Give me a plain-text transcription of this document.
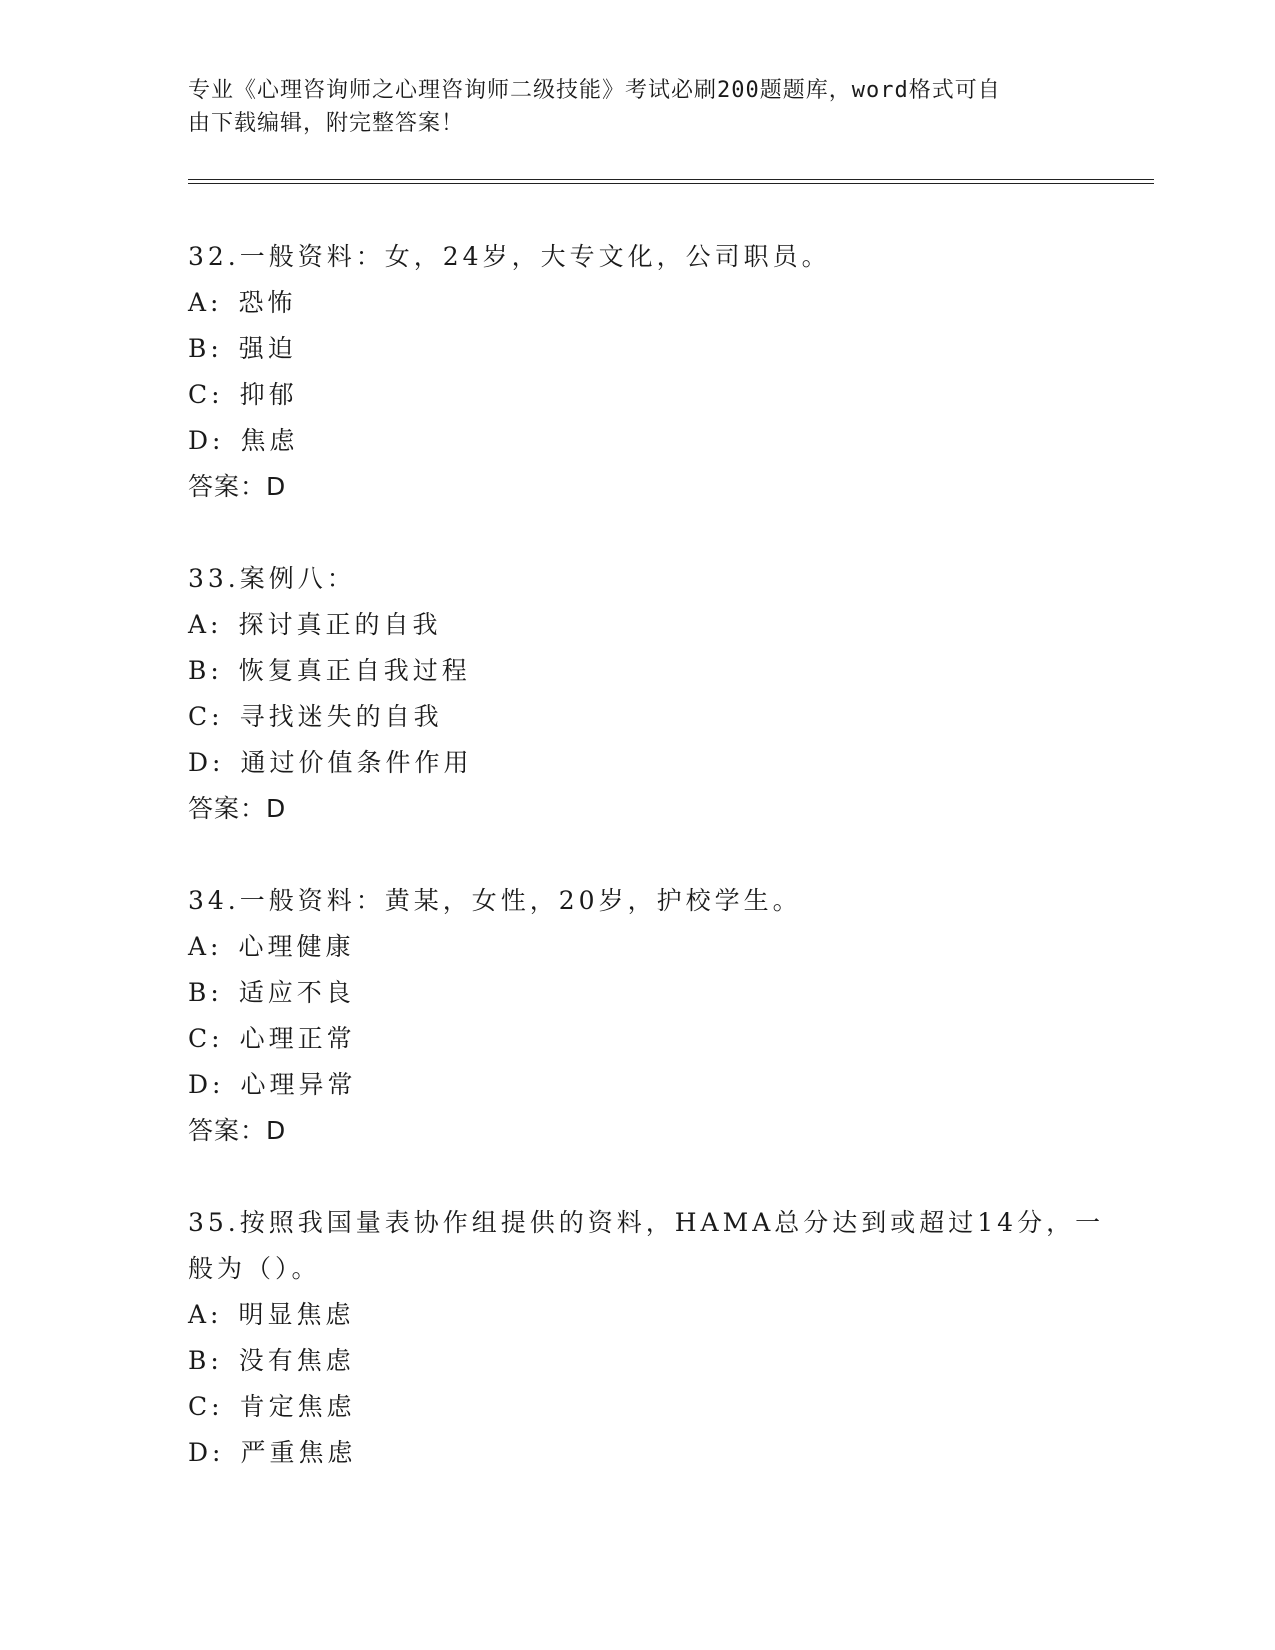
专业《心理咨询师之心理咨询师二级技能》考试必刷200题题库，word格式可自
由下载编辑，附完整答案！
32.一般资料：女，24岁，大专文化，公司职员。
A: 恐怖
B: 强迫
C: 抑郁
D: 焦虑
答案：D
33.案例八：
A: 探讨真正的自我
B: 恢复真正自我过程
C: 寻找迷失的自我
D: 通过价值条件作用
答案：D
34.一般资料：黄某，女性，20岁，护校学生。
A: 心理健康
B: 适应不良
C: 心理正常
D: 心理异常
答案：D
35.按照我国量表协作组提供的资料，HAMA总分达到或超过14分，一
般为（）。
A: 明显焦虑
B: 没有焦虑
C: 肯定焦虑
D: 严重焦虑
